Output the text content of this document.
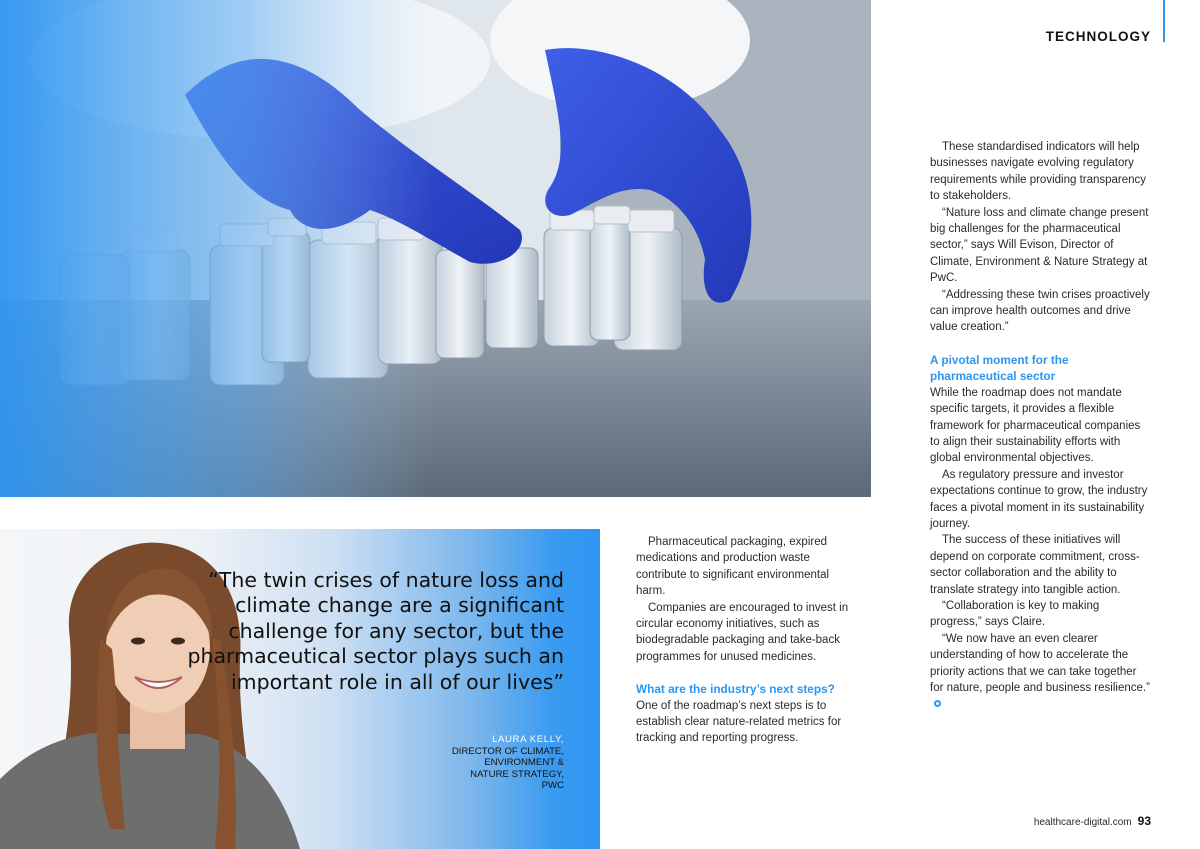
TECHNOLOGY
“The twin crises of nature loss and climate change are a significant challenge for any sector, but the pharmaceutical sector plays such an important role in all of our lives”
LAURA KELLY,
DIRECTOR OF CLIMATE,
ENVIRONMENT &
NATURE STRATEGY,
PWC

Pharmaceutical packaging, expired medications and production waste contribute to significant environmental harm.

Companies are encouraged to invest in circular economy initiatives, such as biodegradable packaging and take-back programmes for unused medicines.

What are the industry’s next steps?

One of the roadmap’s next steps is to establish clear nature-related metrics for tracking and reporting progress.

These standardised indicators will help businesses navigate evolving regulatory requirements while providing transparency to stakeholders.

“Nature loss and climate change present big challenges for the pharmaceutical sector,” says Will Evison, Director of Climate, Environment & Nature Strategy at PwC.

“Addressing these twin crises proactively can improve health outcomes and drive value creation.”

A pivotal moment for the pharmaceutical sector

While the roadmap does not mandate specific targets, it provides a flexible framework for pharmaceutical companies to align their sustainability efforts with global environmental objectives.

As regulatory pressure and investor expectations continue to grow, the industry faces a pivotal moment in its sustainability journey.

The success of these initiatives will depend on corporate commitment, cross-sector collaboration and the ability to translate strategy into tangible action.

“Collaboration is key to making progress,” says Claire.

“We now have an even clearer understanding of how to accelerate the priority actions that we can take together for nature, people and business resilience.”

healthcare-digital.com 93
